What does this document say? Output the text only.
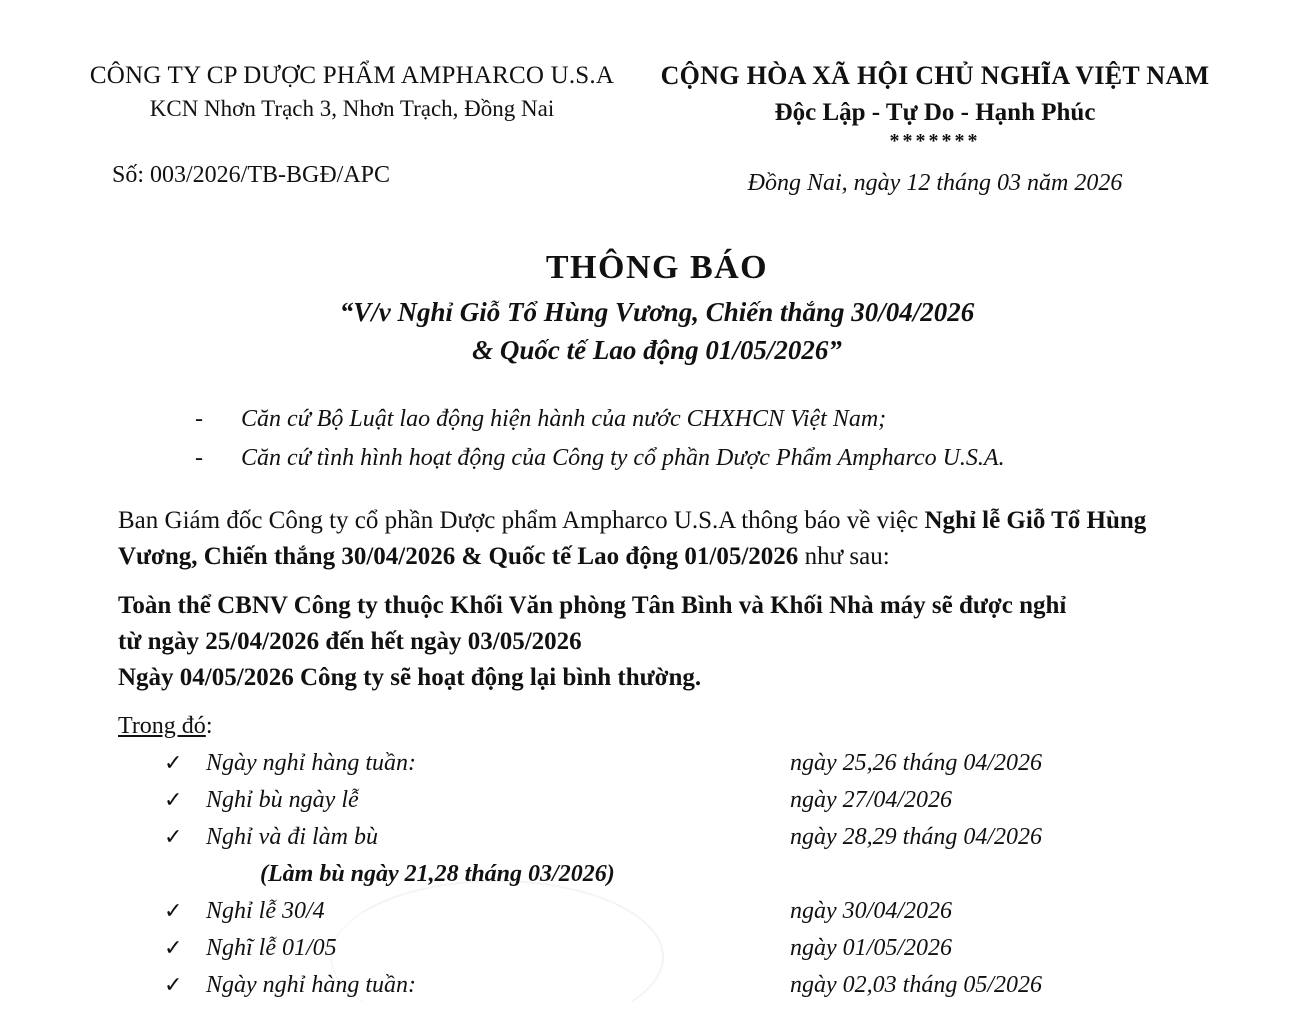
CÔNG TY CP DƯỢC PHẨM AMPHARCO U.S.A
KCN Nhơn Trạch 3, Nhơn Trạch, Đồng Nai
Số: 003/2026/TB-BGĐ/APC
CỘNG HÒA XÃ HỘI CHỦ NGHĨA VIỆT NAM
Độc Lập - Tự Do - Hạnh Phúc
*******
Đồng Nai, ngày 12 tháng 03 năm 2026
THÔNG BÁO
“V/v Nghỉ Giỗ Tổ Hùng Vương, Chiến thắng 30/04/2026
& Quốc tế Lao động 01/05/2026”
-	Căn cứ Bộ Luật lao động hiện hành của nước CHXHCN Việt Nam;
-	Căn cứ tình hình hoạt động của Công ty cổ phần Dược Phẩm Ampharco U.S.A.
Ban Giám đốc Công ty cổ phần Dược phẩm Ampharco U.S.A thông báo về việc Nghỉ lễ Giỗ Tổ Hùng Vương, Chiến thắng 30/04/2026 & Quốc tế Lao động 01/05/2026 như sau:
Toàn thể CBNV Công ty thuộc Khối Văn phòng Tân Bình và Khối Nhà máy sẽ được nghỉ
từ ngày 25/04/2026 đến hết ngày 03/05/2026
Ngày 04/05/2026 Công ty sẽ hoạt động lại bình thường.
Trong đó:
✓ Ngày nghỉ hàng tuần:	ngày 25,26 tháng 04/2026
✓ Nghỉ bù ngày lễ	ngày 27/04/2026
✓ Nghỉ và đi làm bù	ngày 28,29 tháng 04/2026
(Làm bù ngày 21,28 tháng 03/2026)
✓ Nghỉ lễ 30/4	ngày 30/04/2026
✓ Nghĩ lễ 01/05	ngày 01/05/2026
✓ Ngày nghỉ hàng tuần:	ngày 02,03 tháng 05/2026
